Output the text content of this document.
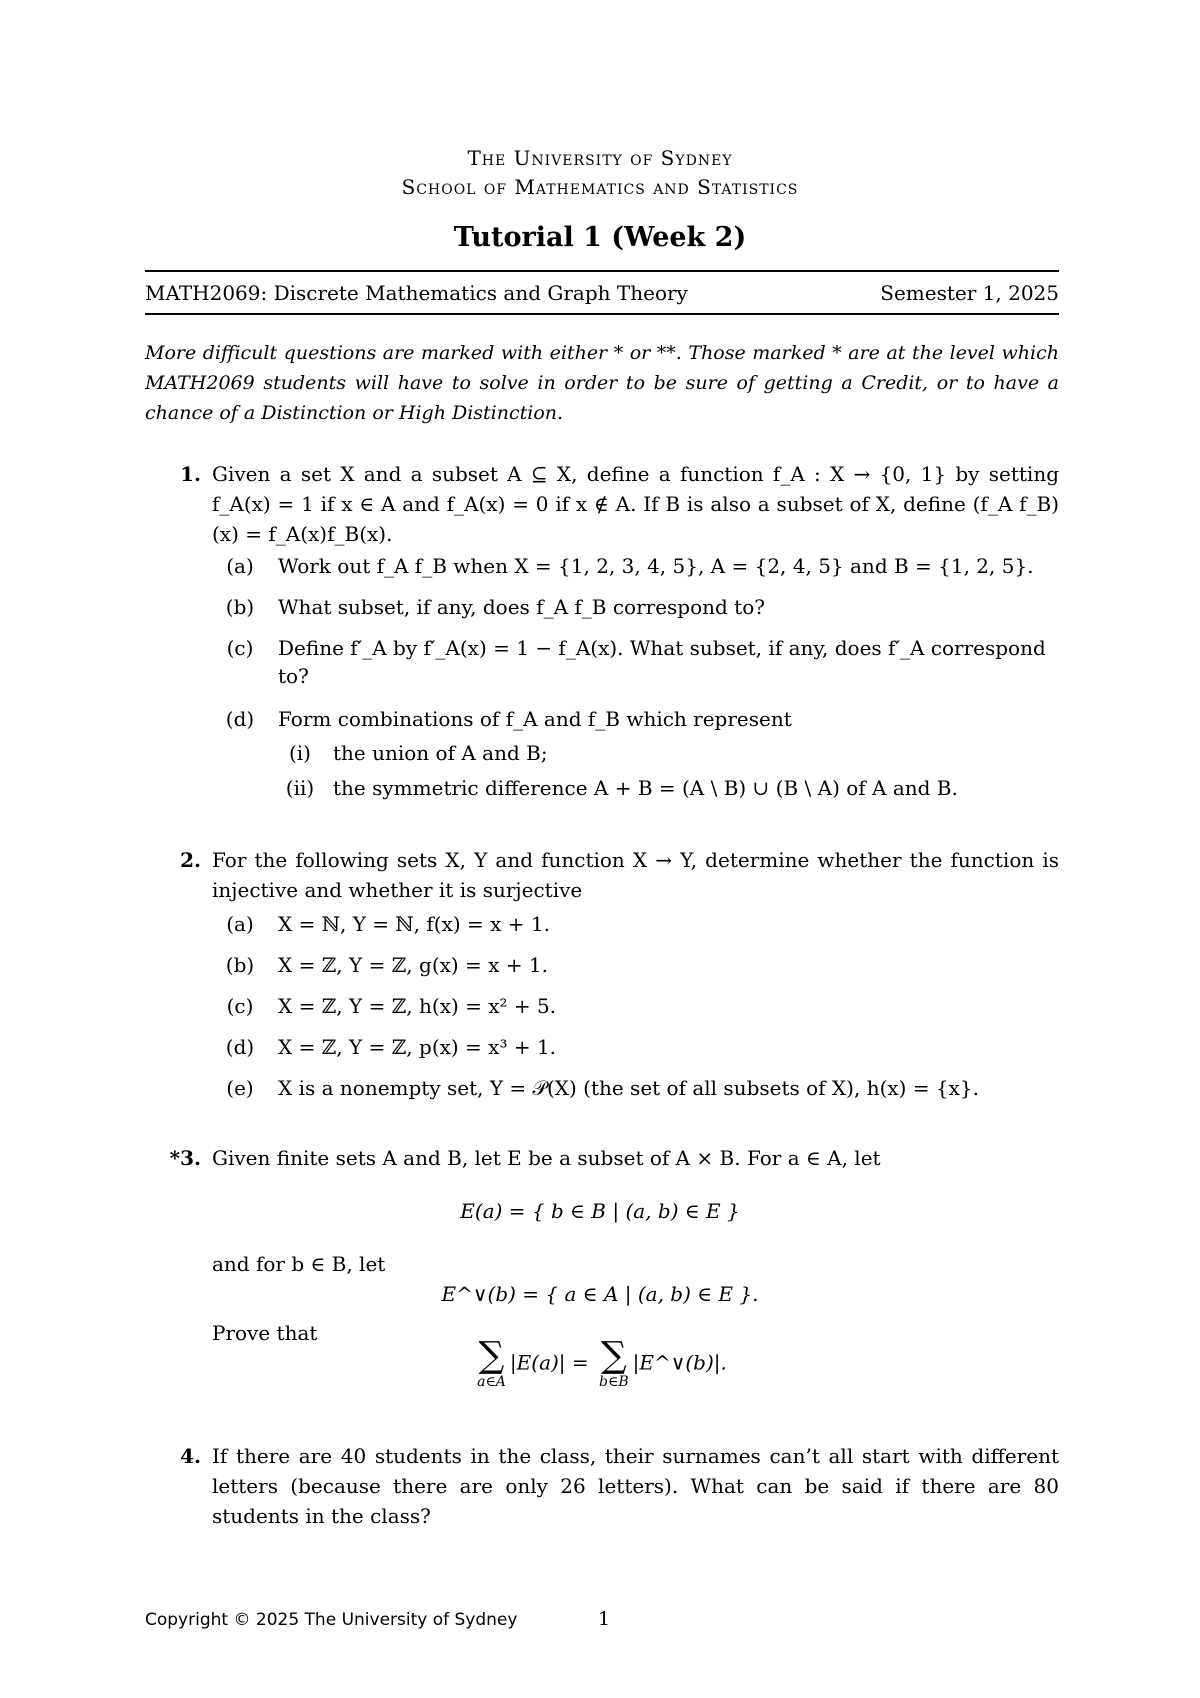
The University of Sydney
School of Mathematics and Statistics
Tutorial 1 (Week 2)
MATH2069: Discrete Mathematics and Graph Theory	Semester 1, 2025
More difficult questions are marked with either * or **. Those marked * are at the level which MATH2069 students will have to solve in order to be sure of getting a Credit, or to have a chance of a Distinction or High Distinction.
1. Given a set X and a subset A ⊆ X, define a function f_A : X → {0, 1} by setting f_A(x) = 1 if x ∈ A and f_A(x) = 0 if x ∉ A. If B is also a subset of X, define (f_A f_B)(x) = f_A(x)f_B(x).
(a)	Work out f_A f_B when X = {1, 2, 3, 4, 5}, A = {2, 4, 5} and B = {1, 2, 5}.
(b)	What subset, if any, does f_A f_B correspond to?
(c)	Define f′_A by f′_A(x) = 1 − f_A(x). What subset, if any, does f′_A correspond to?
(d)	Form combinations of f_A and f_B which represent
(i)	the union of A and B;
(ii) the symmetric difference A + B = (A \ B) ∪ (B \ A) of A and B.
2. For the following sets X, Y and function X → Y, determine whether the function is injective and whether it is surjective
(a)	X = ℕ, Y = ℕ, f(x) = x + 1.
(b)	X = ℤ, Y = ℤ, g(x) = x + 1.
(c)	X = ℤ, Y = ℤ, h(x) = x² + 5.
(d)	X = ℤ, Y = ℤ, p(x) = x³ + 1.
(e)	X is a nonempty set, Y = 𝒫(X) (the set of all subsets of X), h(x) = {x}.
*3. Given finite sets A and B, let E be a subset of A × B. For a ∈ A, let
E(a) = { b ∈ B | (a, b) ∈ E }
and for b ∈ B, let
E^∨(b) = { a ∈ A | (a, b) ∈ E }.
Prove that
∑
a∈A
|E(a)| = ∑
b∈B
|E^∨(b)|.
4. If there are 40 students in the class, their surnames can’t all start with different letters (because there are only 26 letters). What can be said if there are 80 students in the class?
Copyright © 2025 The University of Sydney	1
